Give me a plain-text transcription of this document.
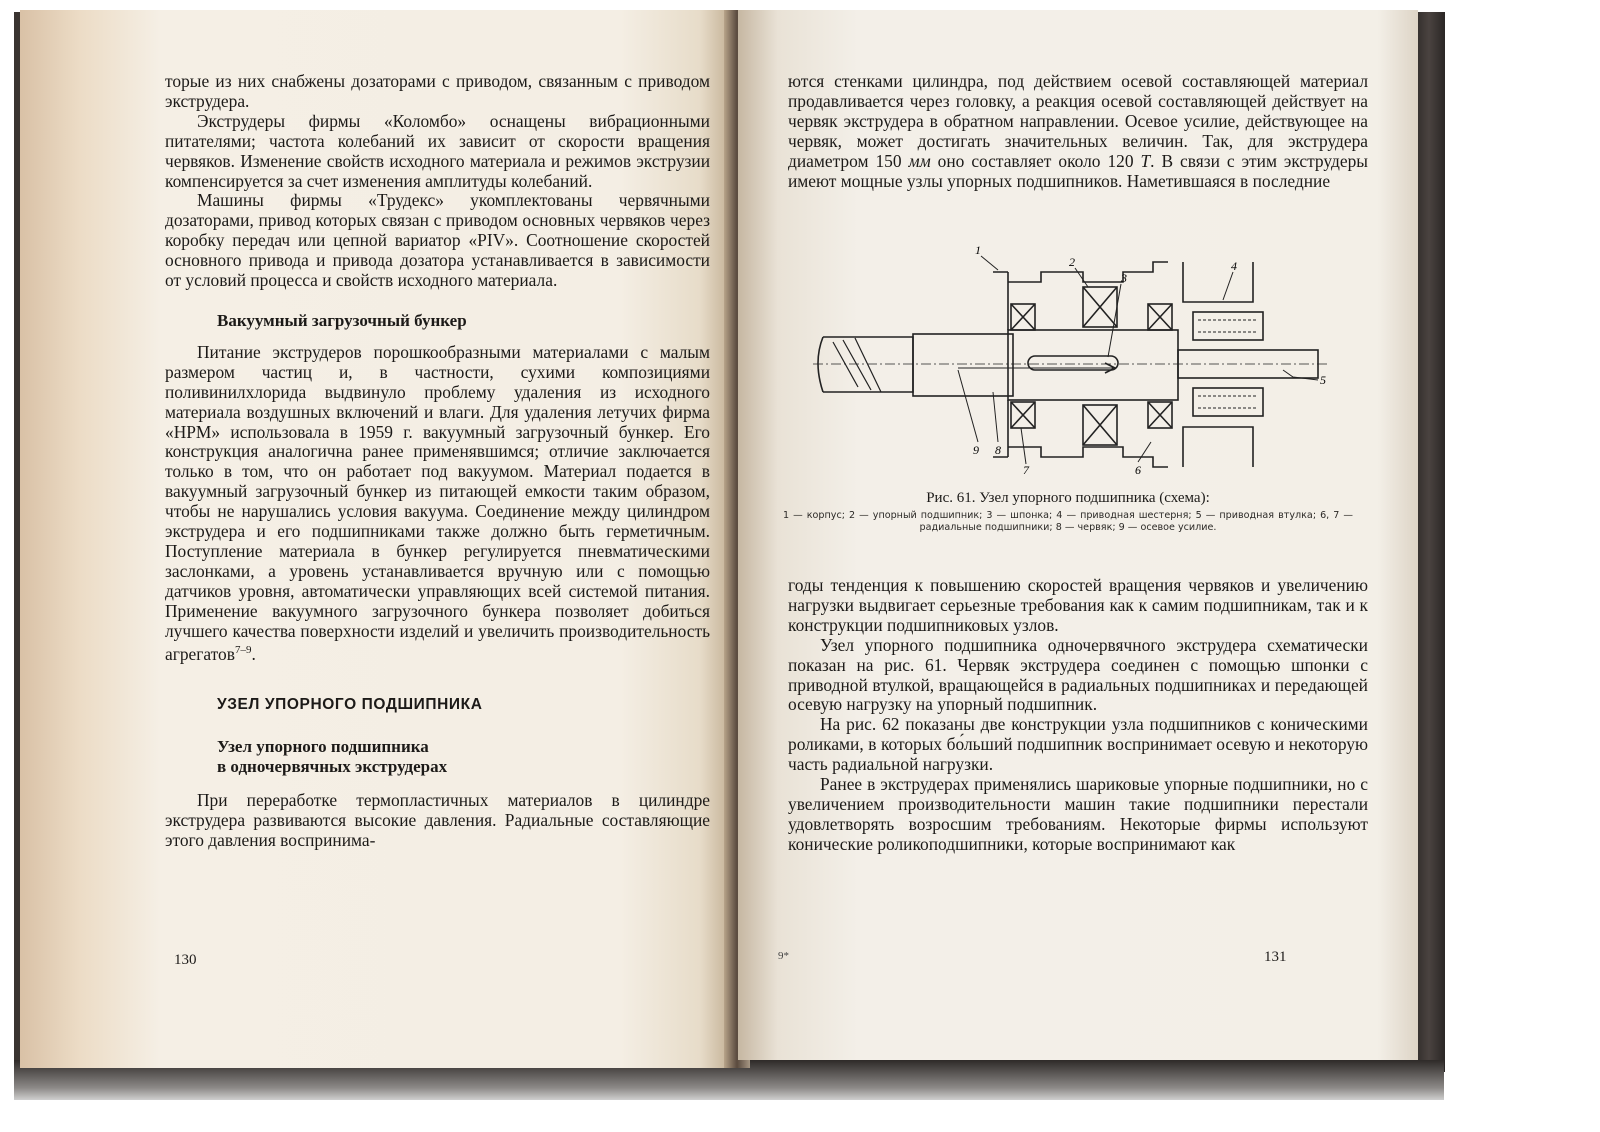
торые из них снабжены дозаторами с приводом, связанным с приводом экструдера.

Экструдеры фирмы «Коломбо» оснащены вибрационными питателями; частота колебаний их зависит от скорости вращения червяков. Изменение свойств исходного материала и режимов экструзии компенсируется за счет изменения амплитуды колебаний.

Машины фирмы «Трудекс» укомплектованы червячными дозаторами, привод которых связан с приводом основных червяков через коробку передач или цепной вариатор «PIV». Соотношение скоростей основного привода и привода дозатора устанавливается в зависимости от условий процесса и свойств исходного материала.

Вакуумный загрузочный бункер

Питание экструдеров порошкообразными материалами с малым размером частиц и, в частности, сухими композициями поливинилхлорида выдвинуло проблему удаления из исходного материала воздушных включений и влаги. Для удаления летучих фирма «НРМ» использовала в 1959 г. вакуумный загрузочный бункер. Его конструкция аналогична ранее применявшимся; отличие заключается только в том, что он работает под вакуумом. Материал подается в вакуумный загрузочный бункер из питающей емкости таким образом, чтобы не нарушались условия вакуума. Соединение между цилиндром экструдера и его подшипниками также должно быть герметичным. Поступление материала в бункер регулируется пневматическими заслонками, а уровень устанавливается вручную или с помощью датчиков уровня, автоматически управляющих всей системой питания. Применение вакуумного загрузочного бункера позволяет добиться лучшего качества поверхности изделий и увеличить производительность агрегатов$^{7-9}$.

УЗЕЛ УПОРНОГО ПОДШИПНИКА
Узел упорного подшипника
в одночервячных экструдерах

При переработке термопластичных материалов в цилиндре экструдера развиваются высокие давления. Радиальные составляющие этого давления воспринима-

130

ются стенками цилиндра, под действием осевой составляющей материал продавливается через головку, а реакция осевой составляющей действует на червяк экструдера в обратном направлении. Осевое усилие, действующее на червяк, может достигать значительных величин. Так, для экструдера диаметром 150 мм оно составляет около 120 Т. В связи с этим экструдеры имеют мощные узлы упорных подшипников. Наметившаяся в последние

1
2
3
4
5
6
7
8
9
Рис. 61. Узел упорного подшипника (схема):
1 — корпус; 2 — упорный подшипник; 3 — шпонка; 4 — приводная шестерня; 5 — приводная втулка; 6, 7 — радиальные подшипники; 8 — червяк; 9 — осевое усилие.

годы тенденция к повышению скоростей вращения червяков и увеличению нагрузки выдвигает серьезные требования как к самим подшипникам, так и к конструкции подшипниковых узлов.

Узел упорного подшипника одночервячного экструдера схематически показан на рис. 61. Червяк экструдера соединен с помощью шпонки с приводной втулкой, вращающейся в радиальных подшипниках и передающей осевую нагрузку на упорный подшипник.

На рис. 62 показаны две конструкции узла подшипников с коническими роликами, в которых бо́льший подшипник воспринимает осевую и некоторую часть радиальной нагрузки.

Ранее в экструдерах применялись шариковые упорные подшипники, но с увеличением производительности машин такие подшипники перестали удовлетворять возросшим требованиям. Некоторые фирмы используют конические роликоподшипники, которые воспринимают как

9*	131
